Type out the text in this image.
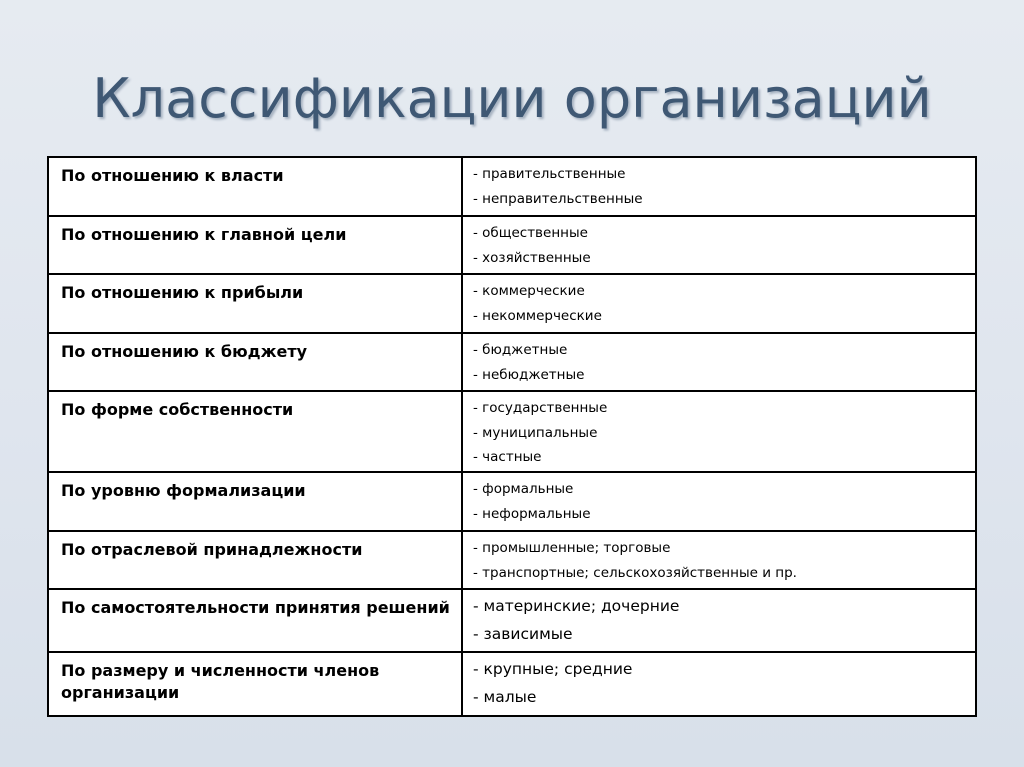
Классификации организаций
По отношению к власти	- правительственные
- неправительственные

По отношению к главной цели	- общественные
- хозяйственные

По отношению к прибыли	- коммерческие
- некоммерческие

По отношению к бюджету	- бюджетные
- небюджетные

По форме собственности	- государственные
- муниципальные
- частные

По уровню формализации	- формальные
- неформальные

По отраслевой принадлежности	- промышленные; торговые
- транспортные; сельскохозяйственные и пр.

По самостоятельности принятия решений	- материнские; дочерние
- зависимые

По размеру и численности членов организации	- крупные; средние
- малые
